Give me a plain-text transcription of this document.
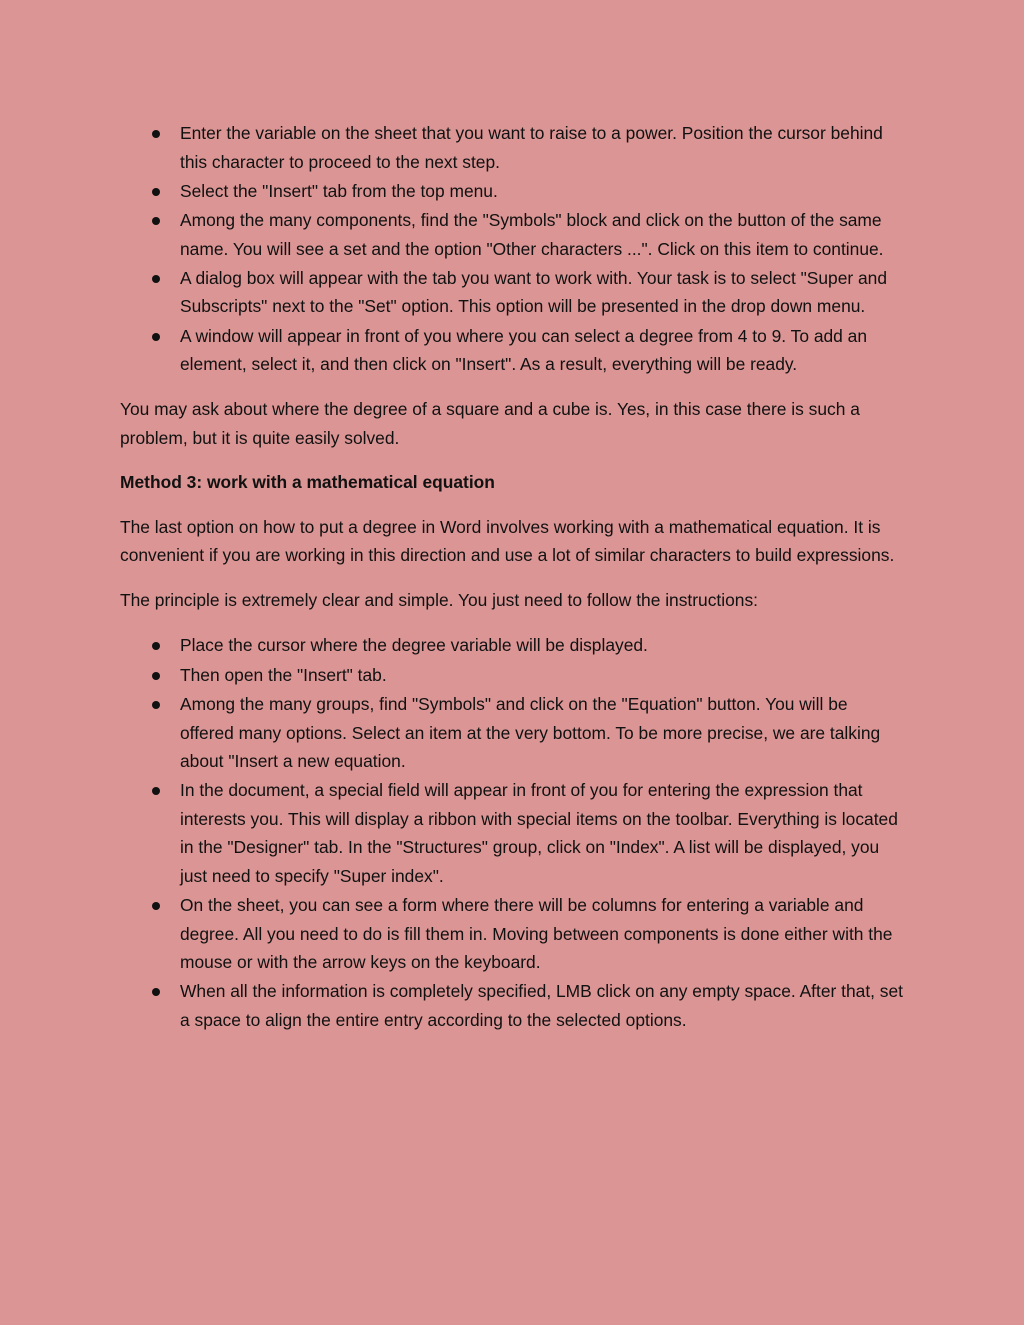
Enter the variable on the sheet that you want to raise to a power. Position the cursor behind this character to proceed to the next step.
Select the "Insert" tab from the top menu.
Among the many components, find the "Symbols" block and click on the button of the same name. You will see a set and the option "Other characters ...". Click on this item to continue.
A dialog box will appear with the tab you want to work with. Your task is to select "Super and Subscripts" next to the "Set" option. This option will be presented in the drop down menu.
A window will appear in front of you where you can select a degree from 4 to 9. To add an element, select it, and then click on "Insert". As a result, everything will be ready.

You may ask about where the degree of a square and a cube is. Yes, in this case there is such a problem, but it is quite easily solved.

Method 3: work with a mathematical equation

The last option on how to put a degree in Word involves working with a mathematical equation. It is convenient if you are working in this direction and use a lot of similar characters to build expressions.

The principle is extremely clear and simple. You just need to follow the instructions:

Place the cursor where the degree variable will be displayed.
Then open the "Insert" tab.
Among the many groups, find "Symbols" and click on the "Equation" button. You will be offered many options. Select an item at the very bottom. To be more precise, we are talking about "Insert a new equation.
In the document, a special field will appear in front of you for entering the expression that interests you. This will display a ribbon with special items on the toolbar. Everything is located in the "Designer" tab. In the "Structures" group, click on "Index". A list will be displayed, you just need to specify "Super index".
On the sheet, you can see a form where there will be columns for entering a variable and degree. All you need to do is fill them in. Moving between components is done either with the mouse or with the arrow keys on the keyboard.
When all the information is completely specified, LMB click on any empty space. After that, set a space to align the entire entry according to the selected options.
